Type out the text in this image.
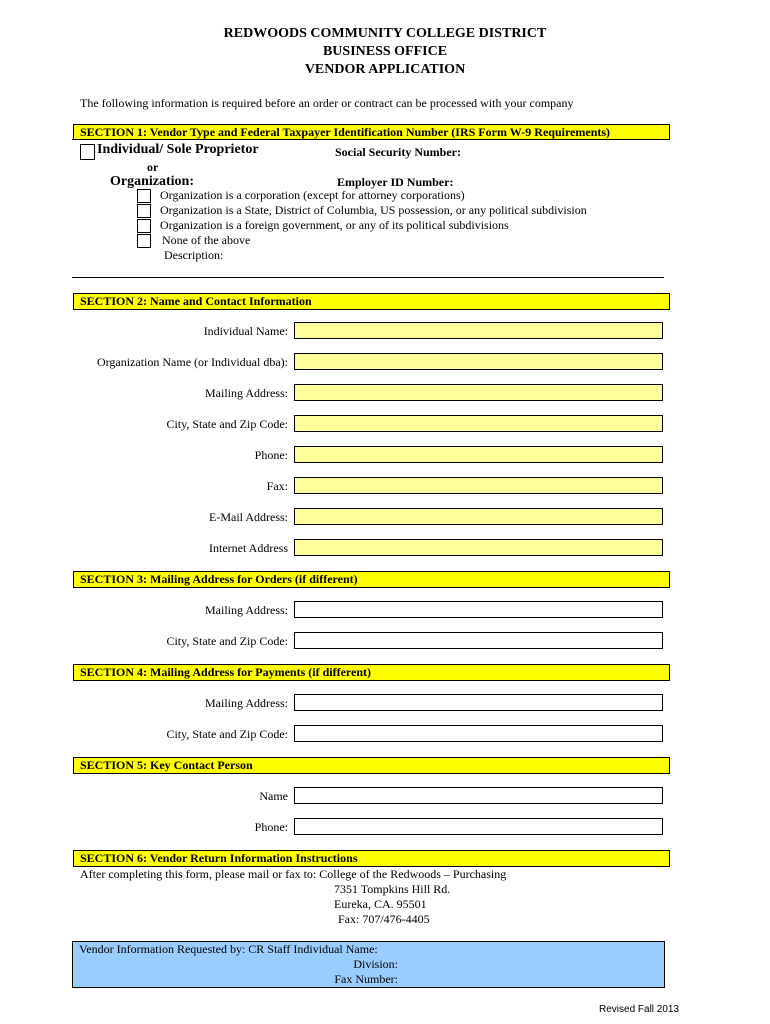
REDWOODS COMMUNITY COLLEGE DISTRICT
BUSINESS OFFICE
VENDOR APPLICATION
The following information is required before an order or contract can be processed with your company
SECTION 1: Vendor Type and Federal Taxpayer Identification Number (IRS Form W-9 Requirements)
Individual/ Sole Proprietor	Social Security Number:
or
Organization:	Employer ID Number:
Organization is a corporation (except for attorney corporations)
Organization is a State, District of Columbia, US possession, or any political subdivision
Organization is a foreign government, or any of its political subdivisions
None of the above
Description:
SECTION 2: Name and Contact Information
Individual Name:
Organization Name (or Individual dba):
Mailing Address:
City, State and Zip Code:
Phone:
Fax:
E-Mail Address:
Internet Address
SECTION 3: Mailing Address for Orders (if different)
Mailing Address:
City, State and Zip Code:
SECTION 4: Mailing Address for Payments (if different)
Mailing Address:
City, State and Zip Code:
SECTION 5: Key Contact Person
Name
Phone:
SECTION 6: Vendor Return Information Instructions
After completing this form, please mail or fax to: College of the Redwoods – Purchasing
7351 Tompkins Hill Rd.
Eureka, CA. 95501
Fax: 707/476-4405
Vendor Information Requested by: CR Staff Individual Name:
Division:
Fax Number:
Revised Fall 2013
